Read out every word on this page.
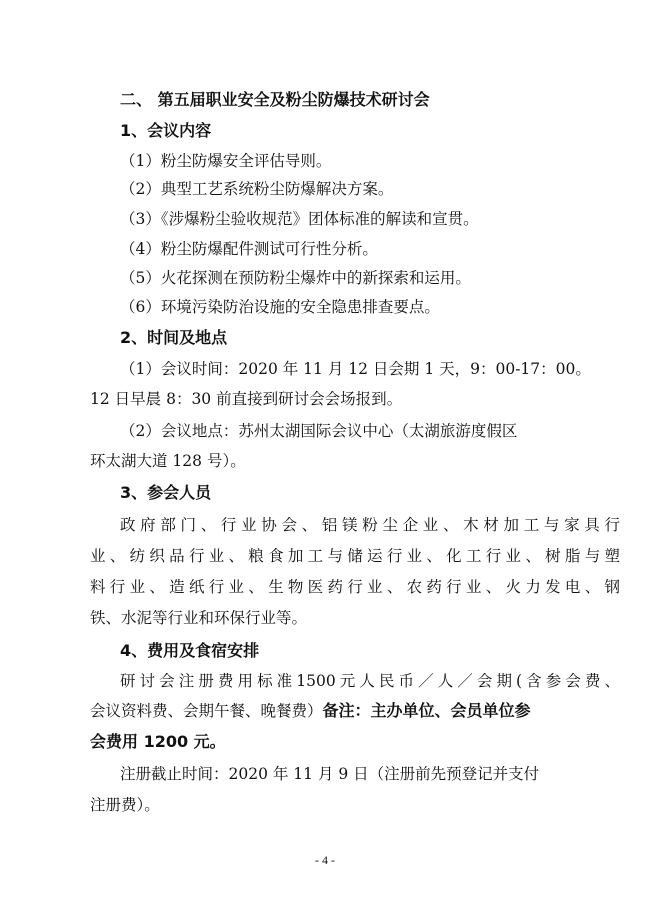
二、 第五届职业安全及粉尘防爆技术研讨会
1、会议内容
（1）粉尘防爆安全评估导则。
（2）典型工艺系统粉尘防爆解决方案。
（3）《涉爆粉尘验收规范》团体标准的解读和宣贯。
（4）粉尘防爆配件测试可行性分析。
（5）火花探测在预防粉尘爆炸中的新探索和运用。
（6）环境污染防治设施的安全隐患排查要点。
2、时间及地点
（1）会议时间：2020 年 11 月 12 日会期 1 天，9：00-17：00。
12 日早晨 8：30 前直接到研讨会会场报到。
（2）会议地点：苏州太湖国际会议中心（太湖旅游度假区
环太湖大道 128 号）。
3、参会人员
政府部门、行业协会、铝镁粉尘企业、木材加工与家具行
业、纺织品行业、粮食加工与储运行业、化工行业、树脂与塑
料行业、造纸行业、生物医药行业、农药行业、火力发电、钢
铁、水泥等行业和环保行业等。
4、费用及食宿安排
研讨会注册费用标准1500元人民币／人／会期(含参会费、
会议资料费、会期午餐、晚餐费）备注：主办单位、会员单位参
会费用 1200 元。
注册截止时间：2020 年 11 月 9 日（注册前先预登记并支付
注册费）。
- 4 -
